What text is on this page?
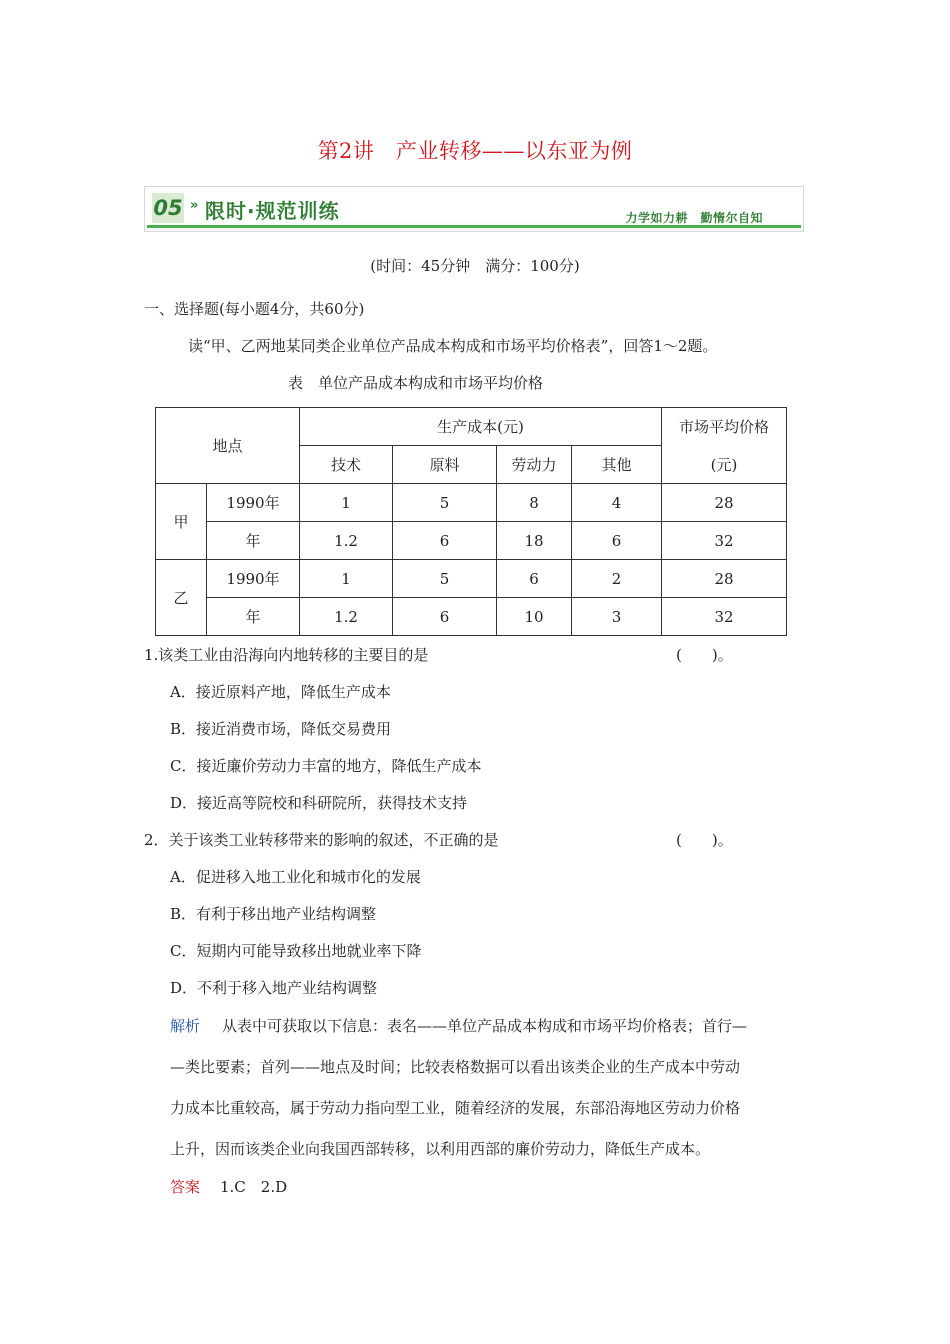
第2讲　产业转移——以东亚为例
05 » 限时·规范训练	力学如力耕　勤惰尔自知
(时间：45分钟　满分：100分)
一、选择题(每小题4分，共60分)
读“甲、乙两地某同类企业单位产品成本构成和市场平均价格表”，回答1～2题。
表　单位产品成本构成和市场平均价格
地点		生产成本(元)				市场平均价格
		技术	原料	劳动力	其他	(元)
甲	1990年	1	5	8	4	28
	年	1.2	6	18	6	32
乙	1990年	1	5	6	2	28
	年	1.2	6	10	3	32
1.该类工业由沿海向内地转移的主要目的是	(　　)。
A．接近原料产地，降低生产成本
B．接近消费市场，降低交易费用
C．接近廉价劳动力丰富的地方，降低生产成本
D．接近高等院校和科研院所，获得技术支持
2．关于该类工业转移带来的影响的叙述，不正确的是	(　　)。
A．促进移入地工业化和城市化的发展
B．有利于移出地产业结构调整
C．短期内可能导致移出地就业率下降
D．不利于移入地产业结构调整
解析 从表中可获取以下信息：表名——单位产品成本构成和市场平均价格表；首行—
—类比要素；首列——地点及时间；比较表格数据可以看出该类企业的生产成本中劳动
力成本比重较高，属于劳动力指向型工业，随着经济的发展，东部沿海地区劳动力价格
上升，因而该类企业向我国西部转移，以利用西部的廉价劳动力，降低生产成本。
答案 1.C　2.D
